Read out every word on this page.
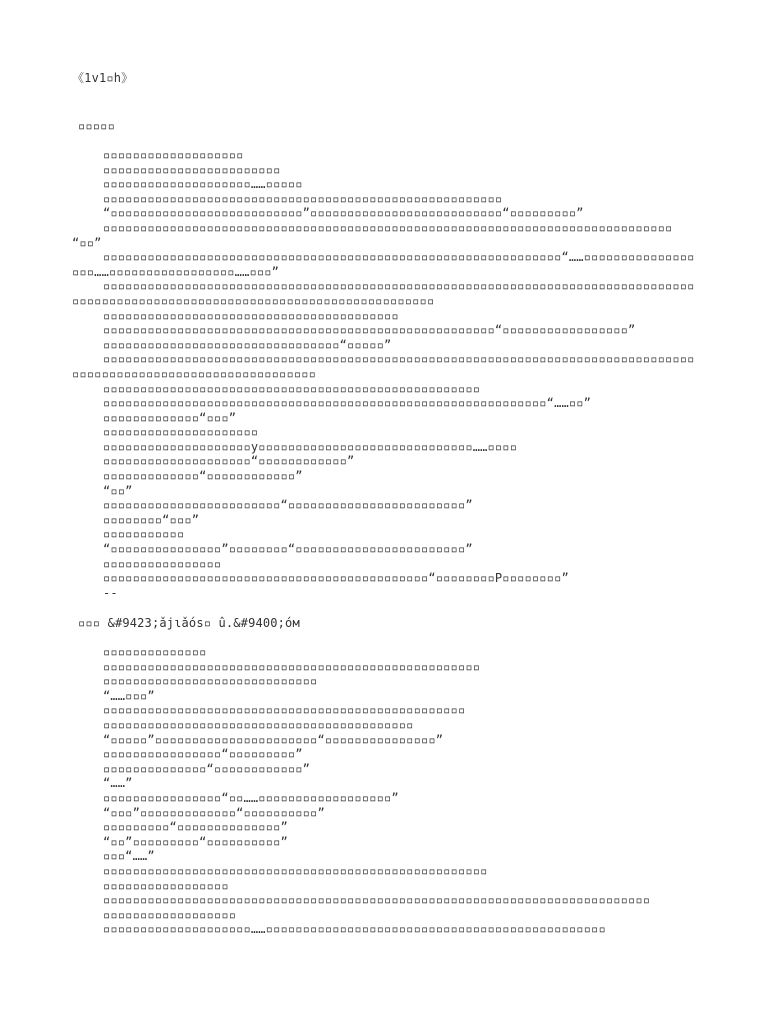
《1v1▫h》
▫▫▫▫▫
▫▫▫▫▫▫▫▫▫▫▫▫▫▫▫▫▫▫▫
▫▫▫▫▫▫▫▫▫▫▫▫▫▫▫▫▫▫▫▫▫▫▫▫
▫▫▫▫▫▫▫▫▫▫▫▫▫▫▫▫▫▫▫▫……▫▫▫▫▫
▫▫▫▫▫▫▫▫▫▫▫▫▫▫▫▫▫▫▫▫▫▫▫▫▫▫▫▫▫▫▫▫▫▫▫▫▫▫▫▫▫▫▫▫▫▫▫▫▫▫▫▫▫▫
“▫▫▫▫▫▫▫▫▫▫▫▫▫▫▫▫▫▫▫▫▫▫▫▫▫▫”▫▫▫▫▫▫▫▫▫▫▫▫▫▫▫▫▫▫▫▫▫▫▫▫▫▫“▫▫▫▫▫▫▫▫▫”
▫▫▫▫▫▫▫▫▫▫▫▫▫▫▫▫▫▫▫▫▫▫▫▫▫▫▫▫▫▫▫▫▫▫▫▫▫▫▫▫▫▫▫▫▫▫▫▫▫▫▫▫▫▫▫▫▫▫▫▫▫▫▫▫▫▫▫▫▫▫▫▫▫▫▫▫▫
“▫▫”
▫▫▫▫▫▫▫▫▫▫▫▫▫▫▫▫▫▫▫▫▫▫▫▫▫▫▫▫▫▫▫▫▫▫▫▫▫▫▫▫▫▫▫▫▫▫▫▫▫▫▫▫▫▫▫▫▫▫▫▫▫▫“……▫▫▫▫▫▫▫▫▫▫▫▫▫▫▫
▫▫▫……▫▫▫▫▫▫▫▫▫▫▫▫▫▫▫▫▫……▫▫▫”
▫▫▫▫▫▫▫▫▫▫▫▫▫▫▫▫▫▫▫▫▫▫▫▫▫▫▫▫▫▫▫▫▫▫▫▫▫▫▫▫▫▫▫▫▫▫▫▫▫▫▫▫▫▫▫▫▫▫▫▫▫▫▫▫▫▫▫▫▫▫▫▫▫▫▫▫▫▫▫▫
▫▫▫▫▫▫▫▫▫▫▫▫▫▫▫▫▫▫▫▫▫▫▫▫▫▫▫▫▫▫▫▫▫▫▫▫▫▫▫▫▫▫▫▫▫▫▫▫▫
▫▫▫▫▫▫▫▫▫▫▫▫▫▫▫▫▫▫▫▫▫▫▫▫▫▫▫▫▫▫▫▫▫▫▫▫▫▫▫▫
▫▫▫▫▫▫▫▫▫▫▫▫▫▫▫▫▫▫▫▫▫▫▫▫▫▫▫▫▫▫▫▫▫▫▫▫▫▫▫▫▫▫▫▫▫▫▫▫▫▫▫▫▫“▫▫▫▫▫▫▫▫▫▫▫▫▫▫▫▫▫”
▫▫▫▫▫▫▫▫▫▫▫▫▫▫▫▫▫▫▫▫▫▫▫▫▫▫▫▫▫▫▫▫“▫▫▫▫▫”
▫▫▫▫▫▫▫▫▫▫▫▫▫▫▫▫▫▫▫▫▫▫▫▫▫▫▫▫▫▫▫▫▫▫▫▫▫▫▫▫▫▫▫▫▫▫▫▫▫▫▫▫▫▫▫▫▫▫▫▫▫▫▫▫▫▫▫▫▫▫▫▫▫▫▫▫▫▫▫▫
▫▫▫▫▫▫▫▫▫▫▫▫▫▫▫▫▫▫▫▫▫▫▫▫▫▫▫▫▫▫▫▫▫
▫▫▫▫▫▫▫▫▫▫▫▫▫▫▫▫▫▫▫▫▫▫▫▫▫▫▫▫▫▫▫▫▫▫▫▫▫▫▫▫▫▫▫▫▫▫▫▫▫▫▫
▫▫▫▫▫▫▫▫▫▫▫▫▫▫▫▫▫▫▫▫▫▫▫▫▫▫▫▫▫▫▫▫▫▫▫▫▫▫▫▫▫▫▫▫▫▫▫▫▫▫▫▫▫▫▫▫▫▫▫▫“……▫▫”
▫▫▫▫▫▫▫▫▫▫▫▫▫“▫▫▫”
▫▫▫▫▫▫▫▫▫▫▫▫▫▫▫▫▫▫▫▫▫
▫▫▫▫▫▫▫▫▫▫▫▫▫▫▫▫▫▫▫▫y▫▫▫▫▫▫▫▫▫▫▫▫▫▫▫▫▫▫▫▫▫▫▫▫▫▫▫▫▫……▫▫▫▫
▫▫▫▫▫▫▫▫▫▫▫▫▫▫▫▫▫▫▫▫“▫▫▫▫▫▫▫▫▫▫▫▫”
▫▫▫▫▫▫▫▫▫▫▫▫▫“▫▫▫▫▫▫▫▫▫▫▫▫”
“▫▫”
▫▫▫▫▫▫▫▫▫▫▫▫▫▫▫▫▫▫▫▫▫▫▫▫“▫▫▫▫▫▫▫▫▫▫▫▫▫▫▫▫▫▫▫▫▫▫▫▫”
▫▫▫▫▫▫▫▫“▫▫▫”
▫▫▫▫▫▫▫▫▫▫▫
“▫▫▫▫▫▫▫▫▫▫▫▫▫▫▫”▫▫▫▫▫▫▫▫“▫▫▫▫▫▫▫▫▫▫▫▫▫▫▫▫▫▫▫▫▫▫▫”
▫▫▫▫▫▫▫▫▫▫▫▫▫▫▫▫
▫▫▫▫▫▫▫▫▫▫▫▫▫▫▫▫▫▫▫▫▫▫▫▫▫▫▫▫▫▫▫▫▫▫▫▫▫▫▫▫▫▫▫▫“▫▫▫▫▫▫▫▫P▫▫▫▫▫▫▫▫”
--
▫▫▫ &#9423;ǎjɩǎós▫ û.&#9400;óм
▫▫▫▫▫▫▫▫▫▫▫▫▫▫
▫▫▫▫▫▫▫▫▫▫▫▫▫▫▫▫▫▫▫▫▫▫▫▫▫▫▫▫▫▫▫▫▫▫▫▫▫▫▫▫▫▫▫▫▫▫▫▫▫▫▫
▫▫▫▫▫▫▫▫▫▫▫▫▫▫▫▫▫▫▫▫▫▫▫▫▫▫▫▫▫
“……▫▫▫”
▫▫▫▫▫▫▫▫▫▫▫▫▫▫▫▫▫▫▫▫▫▫▫▫▫▫▫▫▫▫▫▫▫▫▫▫▫▫▫▫▫▫▫▫▫▫▫▫▫
▫▫▫▫▫▫▫▫▫▫▫▫▫▫▫▫▫▫▫▫▫▫▫▫▫▫▫▫▫▫▫▫▫▫▫▫▫▫▫▫▫▫
“▫▫▫▫▫”▫▫▫▫▫▫▫▫▫▫▫▫▫▫▫▫▫▫▫▫▫▫“▫▫▫▫▫▫▫▫▫▫▫▫▫▫▫”
▫▫▫▫▫▫▫▫▫▫▫▫▫▫▫▫“▫▫▫▫▫▫▫▫▫”
▫▫▫▫▫▫▫▫▫▫▫▫▫▫“▫▫▫▫▫▫▫▫▫▫▫▫”
“……”
▫▫▫▫▫▫▫▫▫▫▫▫▫▫▫▫“▫▫……▫▫▫▫▫▫▫▫▫▫▫▫▫▫▫▫▫▫”
“▫▫▫”▫▫▫▫▫▫▫▫▫▫▫▫▫“▫▫▫▫▫▫▫▫▫▫”
▫▫▫▫▫▫▫▫▫“▫▫▫▫▫▫▫▫▫▫▫▫▫▫”
“▫▫”▫▫▫▫▫▫▫▫▫“▫▫▫▫▫▫▫▫▫▫”
▫▫▫“……”
▫▫▫▫▫▫▫▫▫▫▫▫▫▫▫▫▫▫▫▫▫▫▫▫▫▫▫▫▫▫▫▫▫▫▫▫▫▫▫▫▫▫▫▫▫▫▫▫▫▫▫▫
▫▫▫▫▫▫▫▫▫▫▫▫▫▫▫▫▫
▫▫▫▫▫▫▫▫▫▫▫▫▫▫▫▫▫▫▫▫▫▫▫▫▫▫▫▫▫▫▫▫▫▫▫▫▫▫▫▫▫▫▫▫▫▫▫▫▫▫▫▫▫▫▫▫▫▫▫▫▫▫▫▫▫▫▫▫▫▫▫▫▫▫
▫▫▫▫▫▫▫▫▫▫▫▫▫▫▫▫▫▫
▫▫▫▫▫▫▫▫▫▫▫▫▫▫▫▫▫▫▫▫……▫▫▫▫▫▫▫▫▫▫▫▫▫▫▫▫▫▫▫▫▫▫▫▫▫▫▫▫▫▫▫▫▫▫▫▫▫▫▫▫▫▫▫▫▫▫
